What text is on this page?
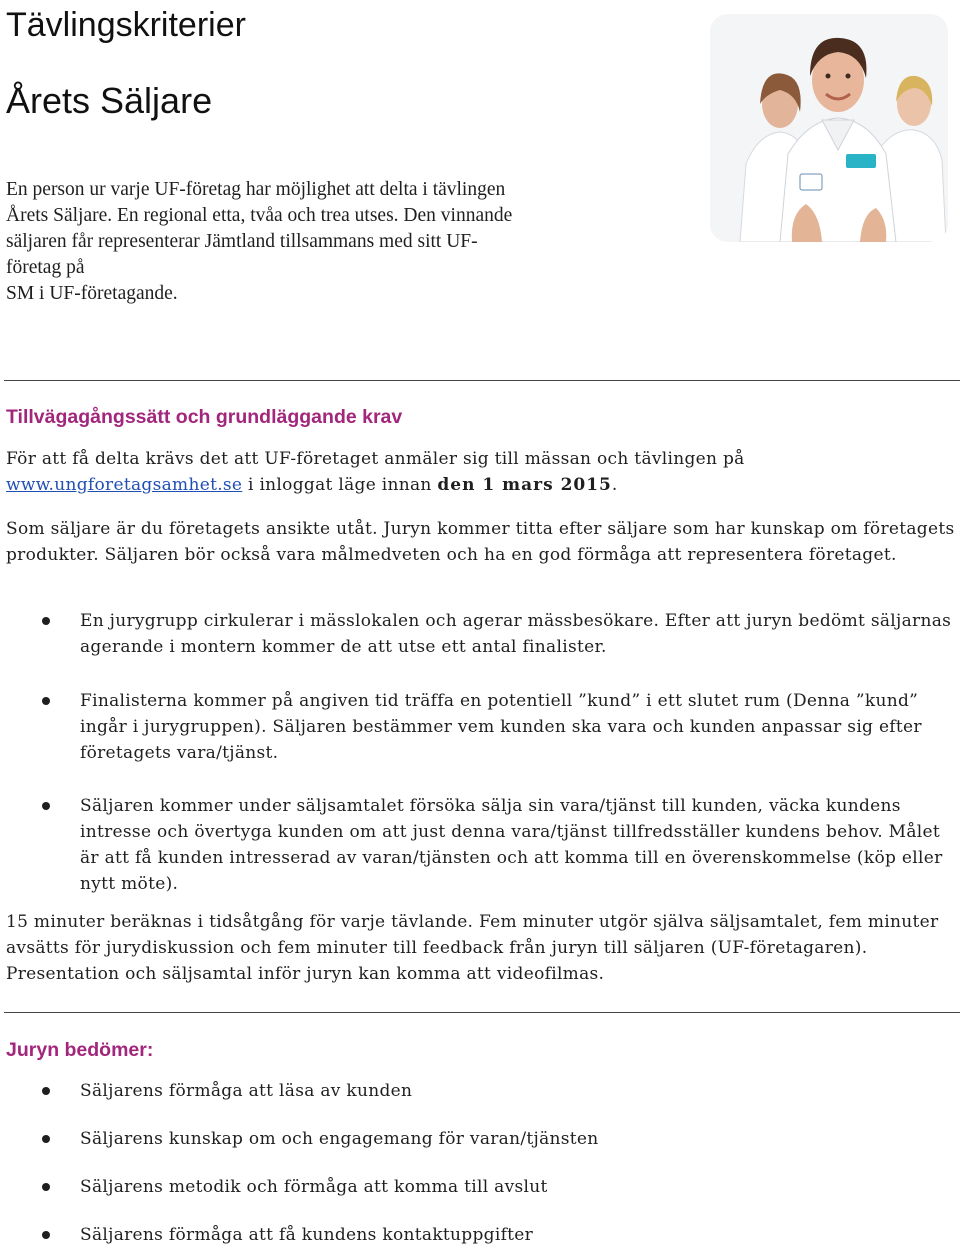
Tävlingskriterier
Årets Säljare

En person ur varje UF-företag har möjlighet att delta i tävlingen

Årets Säljare. En regional etta, tvåa och trea utses. Den vinnande

säljaren får representerar Jämtland tillsammans med sitt UF-

företag på

SM i UF-företagande.

Tillvägagångssätt och grundläggande krav

För att få delta krävs det att UF-företaget anmäler sig till mässan och tävlingen på
www.ungforetagsamhet.se i inloggat läge innan den 1 mars 2015.

Som säljare är du företagets ansikte utåt. Juryn kommer titta efter säljare som har kunskap om företagets produkter. Säljaren bör också vara målmedveten och ha en god förmåga att representera företaget.
En jurygrupp cirkulerar i mässlokalen och agerar mässbesökare. Efter att juryn bedömt säljarnas agerande i montern kommer de att utse ett antal finalister.
Finalisterna kommer på angiven tid träffa en potentiell ”kund” i ett slutet rum (Denna ”kund” ingår i jurygruppen). Säljaren bestämmer vem kunden ska vara och kunden anpassar sig efter företagets vara/tjänst.
Säljaren kommer under säljsamtalet försöka sälja sin vara/tjänst till kunden, väcka kundens intresse och övertyga kunden om att just denna vara/tjänst tillfredsställer kundens behov. Målet är att få kunden intresserad av varan/tjänsten och att komma till en överenskommelse (köp eller nytt möte).
15 minuter beräknas i tidsåtgång för varje tävlande. Fem minuter utgör själva säljsamtalet, fem minuter avsätts för jurydiskussion och fem minuter till feedback från juryn till säljaren (UF-företagaren). Presentation och säljsamtal inför juryn kan komma att videofilmas.
Juryn bedömer:
Säljarens förmåga att läsa av kunden
Säljarens kunskap om och engagemang för varan/tjänsten
Säljarens metodik och förmåga att komma till avslut
Säljarens förmåga att få kundens kontaktuppgifter
